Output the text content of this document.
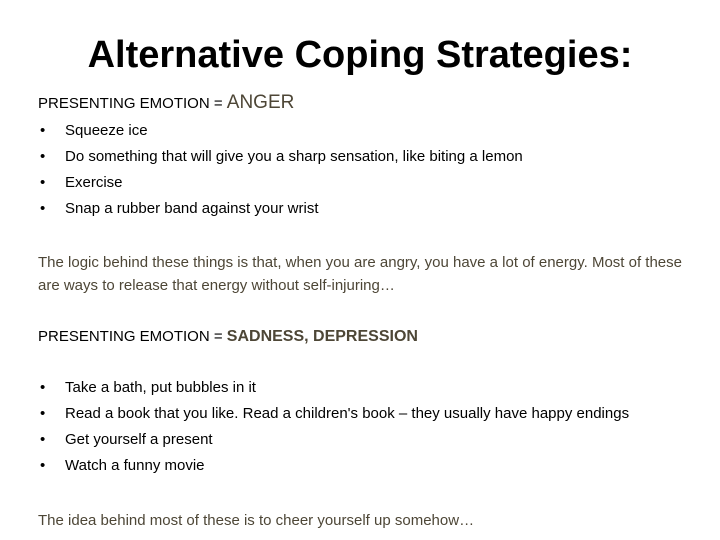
Alternative Coping Strategies:
PRESENTING EMOTION = ANGER
• Squeeze ice
• Do something that will give you a sharp sensation, like biting a lemon
• Exercise
• Snap a rubber band against your wrist
The logic behind these things is that, when you are angry, you have a lot of energy. Most of these are ways to release that energy without self-injuring…
PRESENTING EMOTION = SADNESS, DEPRESSION
• Take a bath, put bubbles in it
• Read a book that you like. Read a children's book – they usually have happy endings
• Get yourself a present
• Watch a funny movie
The idea behind most of these is to cheer yourself up somehow…
